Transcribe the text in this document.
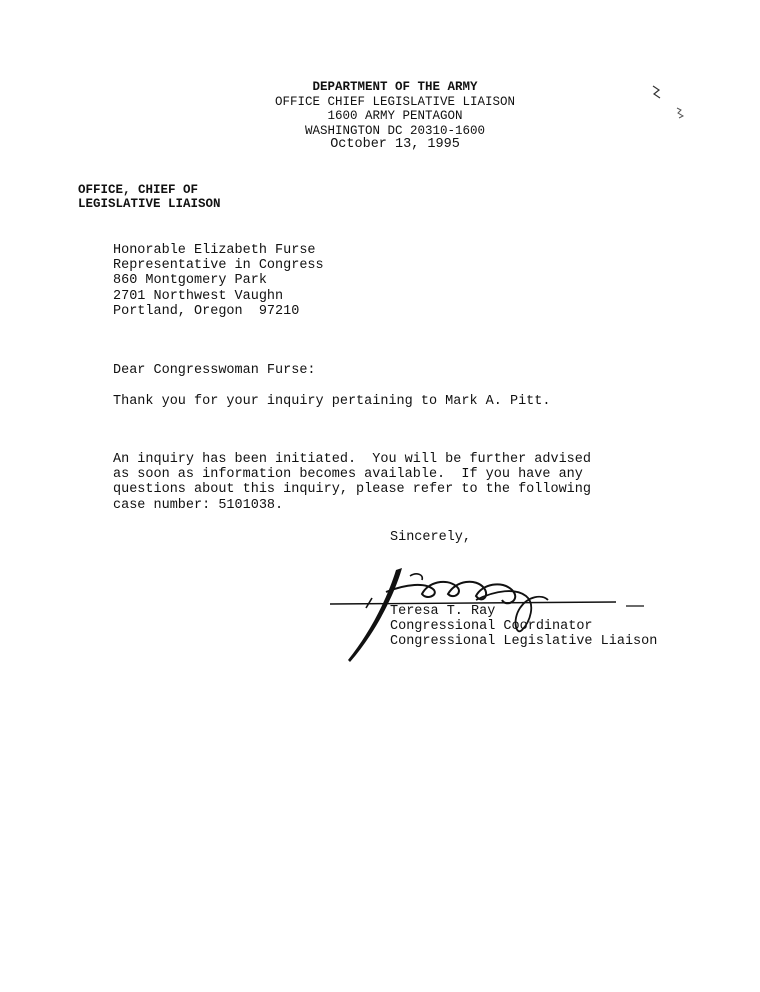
DEPARTMENT OF THE ARMY
OFFICE CHIEF LEGISLATIVE LIAISON
1600 ARMY PENTAGON
WASHINGTON DC 20310-1600
October 13, 1995
OFFICE, CHIEF OF
LEGISLATIVE LIAISON
Honorable Elizabeth Furse
Representative in Congress
860 Montgomery Park
2701 Northwest Vaughn
Portland, Oregon  97210
Dear Congresswoman Furse:
Thank you for your inquiry pertaining to Mark A. Pitt.
An inquiry has been initiated.  You will be further advised
as soon as information becomes available.  If you have any
questions about this inquiry, please refer to the following
case number: 5101038.
Sincerely,
Teresa T. Ray
Congressional Coordinator
Congressional Legislative Liaison
